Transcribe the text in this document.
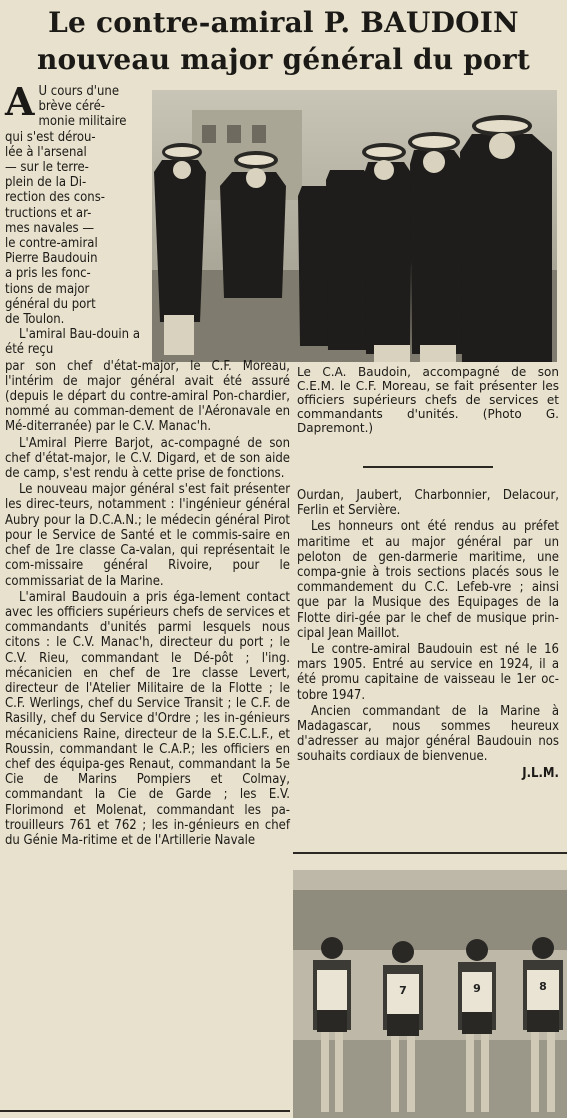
Le contre-amiral P. BAUDOIN
nouveau major général du port
Le C.A. Baudoin, accompagné de son C.E.M. le C.F. Moreau, se fait présenter les officiers supérieurs chefs de services et commandants d'unités. (Photo G. Dapremont.)
A U cours d'une
brève céré-
monie militaire
qui s'est dérou-
lée à l'arsenal
— sur le terre-
plein de la Di-
rection des cons-
tructions et ar-
mes navales —
le contre-amiral
Pierre Baudouin
a pris les fonc-
tions de major
général du port
de Toulon.

L'amiral Bau-douin a été reçu

par son chef d'état-major, le C.F. Moreau, l'intérim de major général avait été assuré (depuis le départ du contre-amiral Pon-chardier, nommé au comman-dement de l'Aéronavale en Mé-diterranée) par le C.V. Manac'h.

L'Amiral Pierre Barjot, ac-compagné de son chef d'état-major, le C.V. Digard, et de son aide de camp, s'est rendu à cette prise de fonctions.

Le nouveau major général s'est fait présenter les direc-teurs, notamment : l'ingénieur général Aubry pour la D.C.A.N.; le médecin général Pirot pour le Service de Santé et le commis-saire en chef de 1re classe Ca-valan, qui représentait le com-missaire général Rivoire, pour le commissariat de la Marine.

L'amiral Baudouin a pris éga-lement contact avec les officiers supérieurs chefs de services et commandants d'unités parmi lesquels nous citons : le C.V. Manac'h, directeur du port ; le C.V. Rieu, commandant le Dé-pôt ; l'ing. mécanicien en chef de 1re classe Levert, directeur de l'Atelier Militaire de la Flotte ; le C.F. Werlings, chef du Service Transit ; le C.F. de Rasilly, chef du Service d'Ordre ; les in-génieurs mécaniciens Raine, directeur de la S.E.C.L.F., et Roussin, commandant le C.A.P.; les officiers en chef des équipa-ges Renaut, commandant la 5e Cie de Marins Pompiers et Colmay, commandant la Cie de Garde ; les E.V. Florimond et Molenat, commandant les pa-trouilleurs 761 et 762 ; les in-génieurs en chef du Génie Ma-ritime et de l'Artillerie Navale

Ourdan, Jaubert, Charbonnier, Delacour, Ferlin et Servière.

Les honneurs ont été rendus au préfet maritime et au major général par un peloton de gen-darmerie maritime, une compa-gnie à trois sections placés sous le commandement du C.C. Lefeb-vre ; ainsi que par la Musique des Equipages de la Flotte diri-gée par le chef de musique prin-cipal Jean Maillot.

Le contre-amiral Baudouin est né le 16 mars 1905. Entré au service en 1924, il a été promu capitaine de vaisseau le 1er oc-tobre 1947.

Ancien commandant de la Marine à Madagascar, nous sommes heureux d'adresser au major général Baudouin nos souhaits cordiaux de bienvenue.

J.L.M.
7	9	8
